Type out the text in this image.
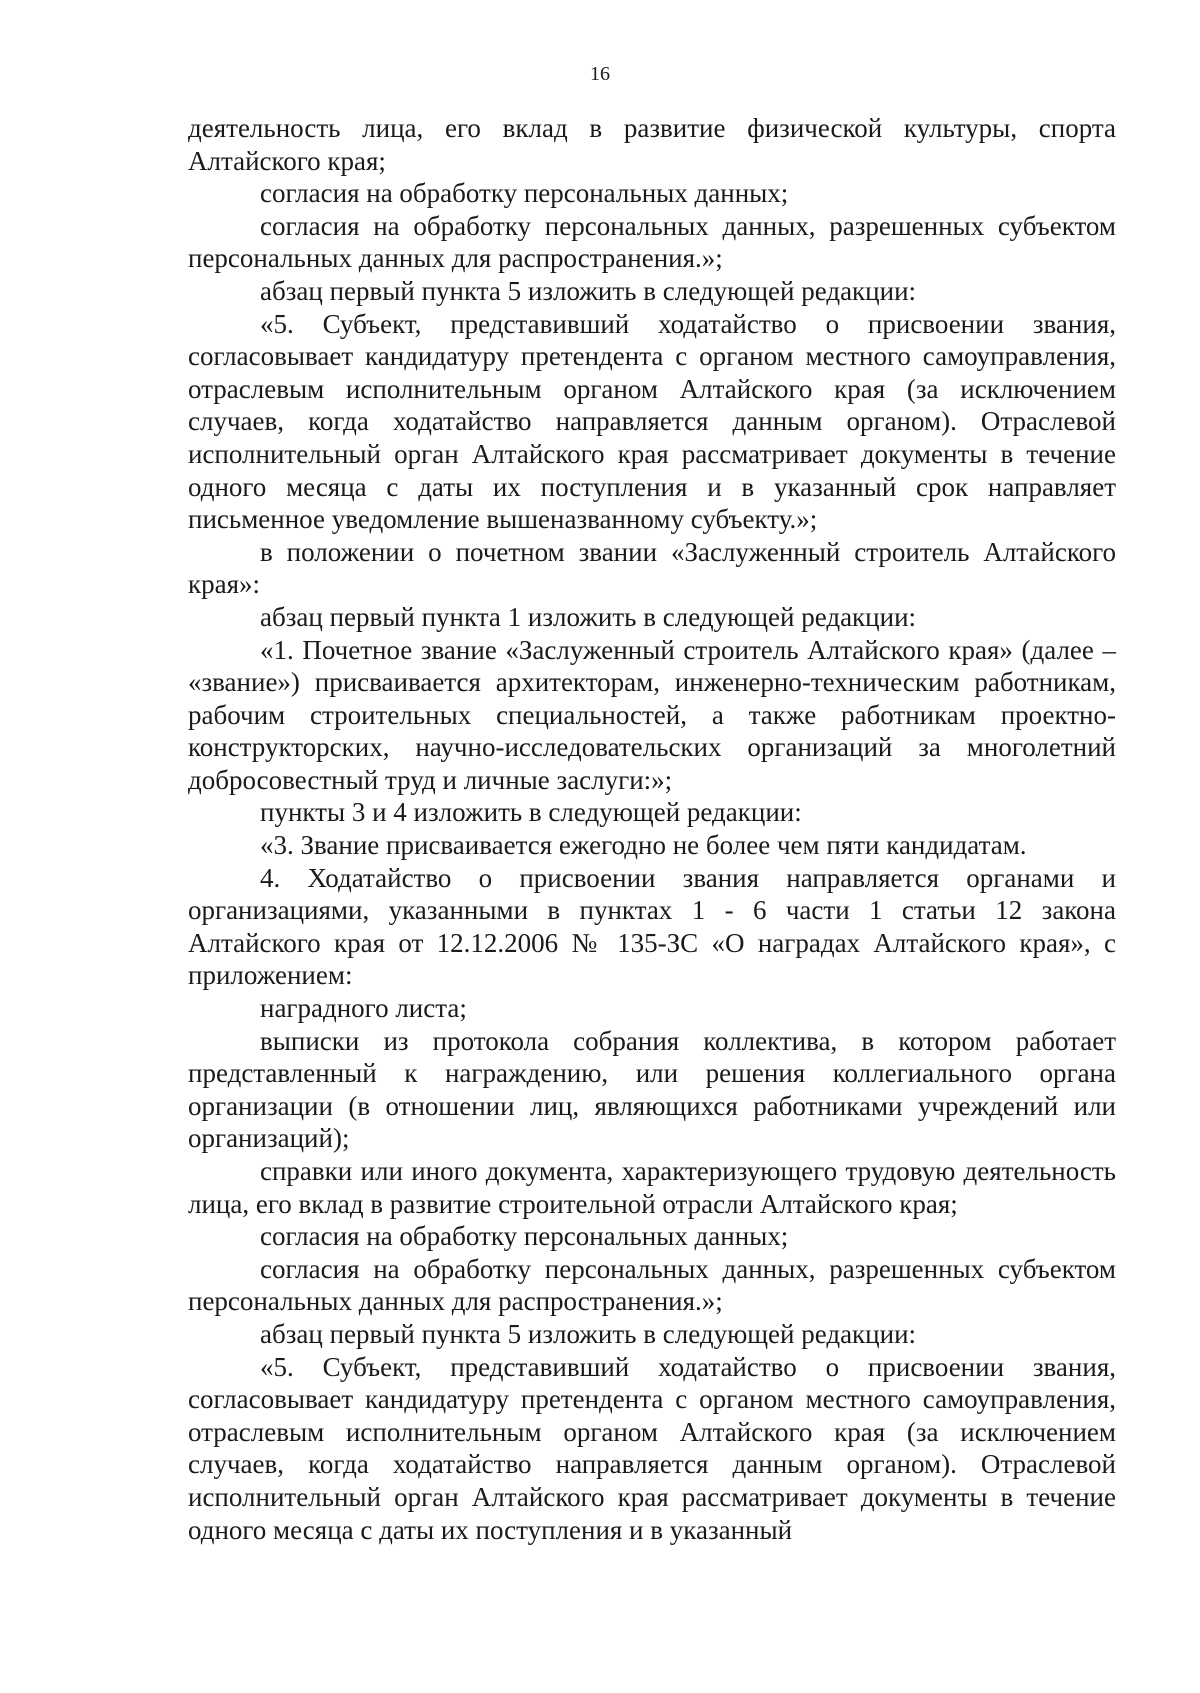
16

деятельность лица, его вклад в развитие физической культуры, спорта Алтайского края;

согласия на обработку персональных данных;

согласия на обработку персональных данных, разрешенных субъектом персональных данных для распространения.»;

абзац первый пункта 5 изложить в следующей редакции:

«5. Субъект, представивший ходатайство о присвоении звания, согласовывает кандидатуру претендента с органом местного самоуправления, отраслевым исполнительным органом Алтайского края (за исключением случаев, когда ходатайство направляется данным органом). Отраслевой исполнительный орган Алтайского края рассматривает документы в течение одного месяца с даты их поступления и в указанный срок направляет письменное уведомление вышеназванному субъекту.»;

в положении о почетном звании «Заслуженный строитель Алтайского края»:

абзац первый пункта 1 изложить в следующей редакции:

«1. Почетное звание «Заслуженный строитель Алтайского края» (далее – «звание») присваивается архитекторам, инженерно-техническим работникам, рабочим строительных специальностей, а также работникам проектно-конструкторских, научно-исследовательских организаций за многолетний добросовестный труд и личные заслуги:»;

пункты 3 и 4 изложить в следующей редакции:

«3. Звание присваивается ежегодно не более чем пяти кандидатам.

4. Ходатайство о присвоении звания направляется органами и организациями, указанными в пунктах 1 - 6 части 1 статьи 12 закона Алтайского края от 12.12.2006 № 135-ЗС «О наградах Алтайского края», с приложением:

наградного листа;

выписки из протокола собрания коллектива, в котором работает представленный к награждению, или решения коллегиального органа организации (в отношении лиц, являющихся работниками учреждений или организаций);

справки или иного документа, характеризующего трудовую деятельность лица, его вклад в развитие строительной отрасли Алтайского края;

согласия на обработку персональных данных;

согласия на обработку персональных данных, разрешенных субъектом персональных данных для распространения.»;

абзац первый пункта 5 изложить в следующей редакции:

«5. Субъект, представивший ходатайство о присвоении звания, согласовывает кандидатуру претендента с органом местного самоуправления, отраслевым исполнительным органом Алтайского края (за исключением случаев, когда ходатайство направляется данным органом). Отраслевой исполнительный орган Алтайского края рассматривает документы в течение одного месяца с даты их поступления и в указанный
